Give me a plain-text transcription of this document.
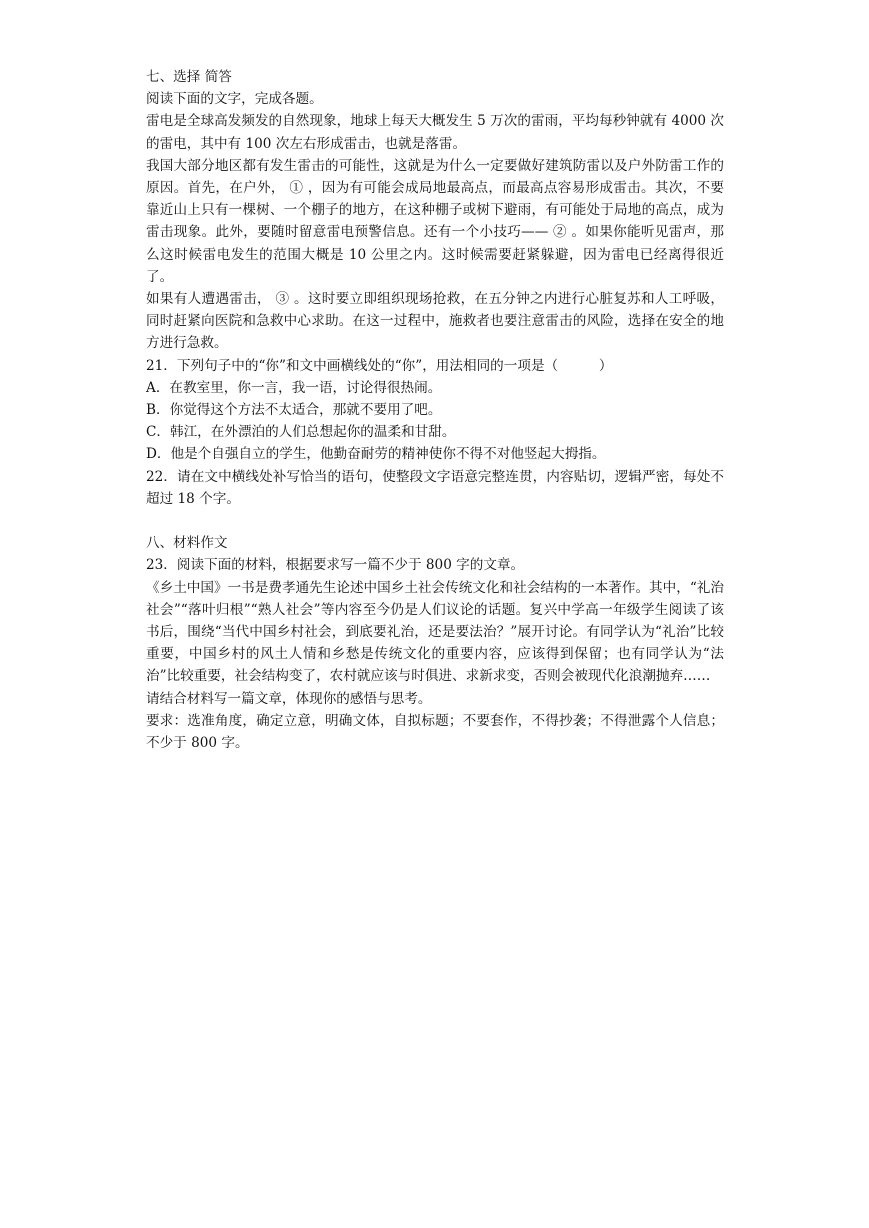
七、选择 简答

阅读下面的文字，完成各题。

雷电是全球高发频发的自然现象，地球上每天大概发生 5 万次的雷雨，平均每秒钟就有 4000 次的雷电，其中有 100 次左右形成雷击，也就是落雷。

我国大部分地区都有发生雷击的可能性，这就是为什么一定要做好建筑防雷以及户外防雷工作的原因。首先，在户外， ① ，因为有可能会成局地最高点，而最高点容易形成雷击。其次，不要靠近山上只有一棵树、一个棚子的地方，在这种棚子或树下避雨，有可能处于局地的高点，成为雷击现象。此外，要随时留意雷电预警信息。还有一个小技巧—— ② 。如果你能听见雷声，那么这时候雷电发生的范围大概是 10 公里之内。这时候需要赶紧躲避，因为雷电已经离得很近了。

如果有人遭遇雷击， ③ 。这时要立即组织现场抢救，在五分钟之内进行心脏复苏和人工呼吸，同时赶紧向医院和急救中心求助。在这一过程中，施救者也要注意雷击的风险，选择在安全的地方进行急救。

21．下列句子中的“你”和文中画横线处的“你”，用法相同的一项是（　　　）

A．在教室里，你一言，我一语，讨论得很热闹。

B．你觉得这个方法不太适合，那就不要用了吧。

C．韩江，在外漂泊的人们总想起你的温柔和甘甜。

D．他是个自强自立的学生，他勤奋耐劳的精神使你不得不对他竖起大拇指。

22．请在文中横线处补写恰当的语句，使整段文字语意完整连贯，内容贴切，逻辑严密，每处不超过 18 个字。

八、材料作文

23．阅读下面的材料，根据要求写一篇不少于 800 字的文章。

《乡土中国》一书是费孝通先生论述中国乡土社会传统文化和社会结构的一本著作。其中，“礼治社会”“落叶归根”“熟人社会”等内容至今仍是人们议论的话题。复兴中学高一年级学生阅读了该书后，围绕“当代中国乡村社会，到底要礼治，还是要法治？”展开讨论。有同学认为“礼治”比较重要，中国乡村的风土人情和乡愁是传统文化的重要内容，应该得到保留；也有同学认为“法治”比较重要，社会结构变了，农村就应该与时俱进、求新求变，否则会被现代化浪潮抛弃……

请结合材料写一篇文章，体现你的感悟与思考。

要求：选准角度，确定立意，明确文体，自拟标题；不要套作，不得抄袭；不得泄露个人信息；不少于 800 字。
